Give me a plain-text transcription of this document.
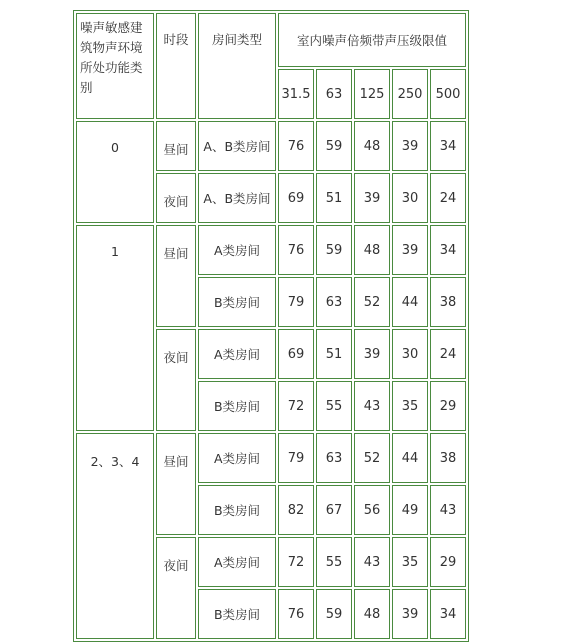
噪声敏感建筑物声环境所处功能类别	时段	房间类型	室内噪声倍频带声压级限值				
			31.5	63	125	250	500
0	昼间	A、B类房间	76	59	48	39	34
	夜间	A、B类房间	69	51	39	30	24
1	昼间	A类房间	76	59	48	39	34
		B类房间	79	63	52	44	38
	夜间	A类房间	69	51	39	30	24
		B类房间	72	55	43	35	29
2、3、4	昼间	A类房间	79	63	52	44	38
		B类房间	82	67	56	49	43
	夜间	A类房间	72	55	43	35	29
		B类房间	76	59	48	39	34
